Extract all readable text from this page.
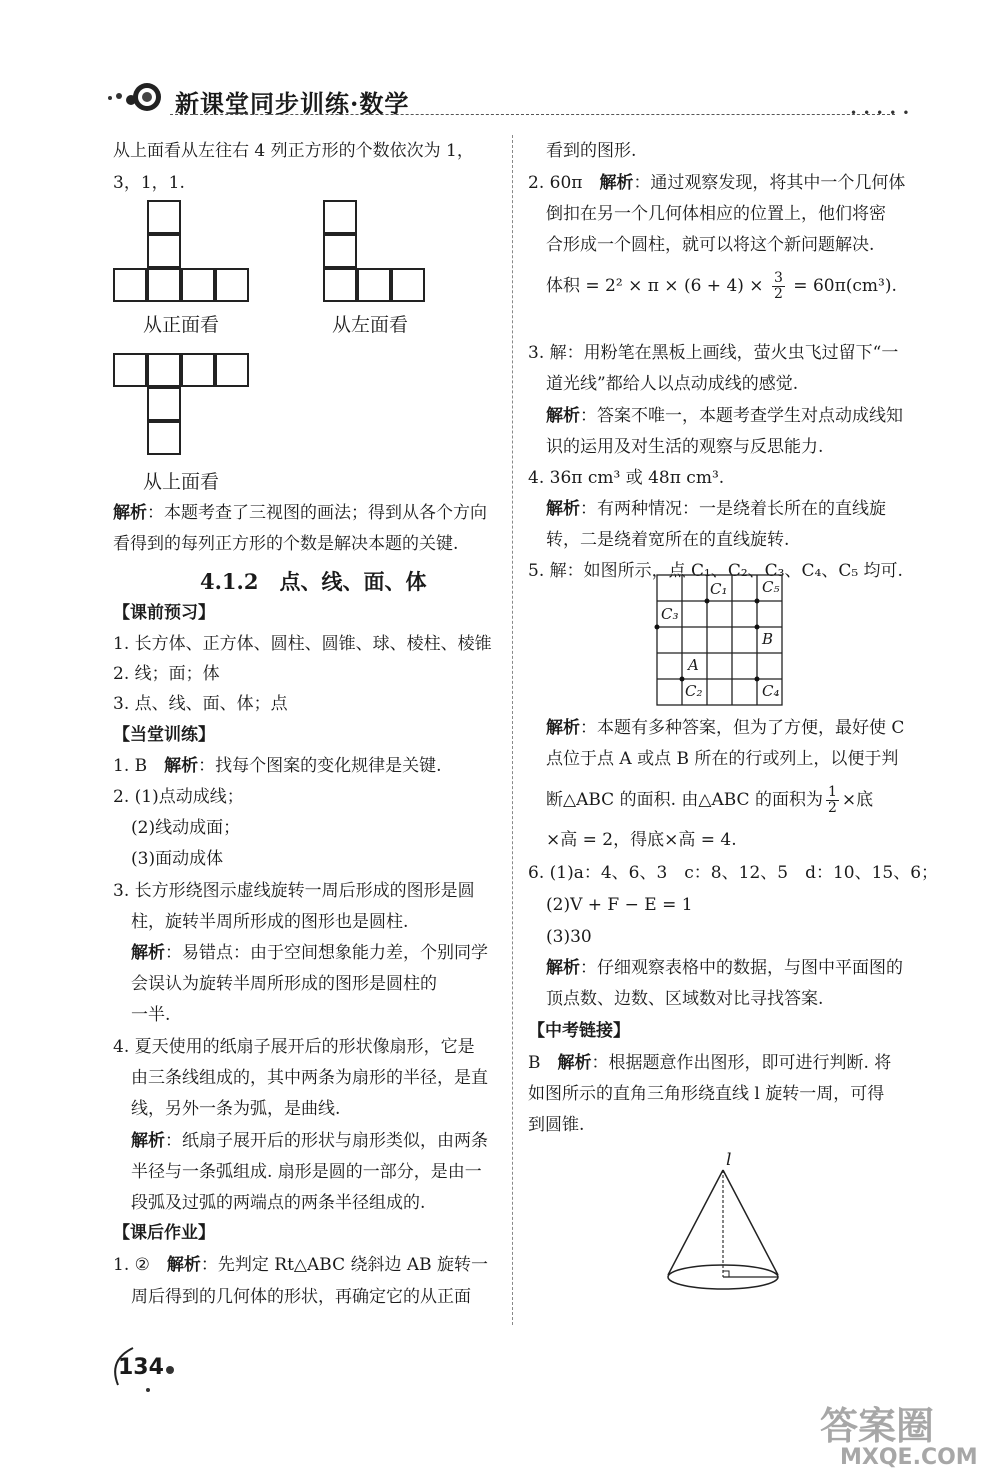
新课堂同步训练·数学	•••••
从上面看从左往右 4 列正方形的个数依次为 1，
3，1，1.
从正面看	从左面看
从上面看
解析：本题考查了三视图的画法；得到从各个方向
看得到的每列正方形的个数是解决本题的关键.
4.1.2　点、线、面、体
【课前预习】
1. 长方体、正方体、圆柱、圆锥、球、棱柱、棱锥
2. 线；面；体
3. 点、线、面、体；点
【当堂训练】
1. B　解析：找每个图案的变化规律是关键.
2. (1)点动成线；
(2)线动成面；
(3)面动成体
3. 长方形绕图示虚线旋转一周后形成的图形是圆
柱，旋转半周所形成的图形也是圆柱.
解析：易错点：由于空间想象能力差，个别同学
会误认为旋转半周所形成的图形是圆柱的
一半.
4. 夏天使用的纸扇子展开后的形状像扇形，它是
由三条线组成的，其中两条为扇形的半径，是直
线，另外一条为弧，是曲线.
解析：纸扇子展开后的形状与扇形类似，由两条
半径与一条弧组成. 扇形是圆的一部分，是由一
段弧及过弧的两端点的两条半径组成的.
【课后作业】
1. ②　解析：先判定 Rt△ABC 绕斜边 AB 旋转一
周后得到的几何体的形状，再确定它的从正面
看到的图形.
2. 60π　解析：通过观察发现，将其中一个几何体
倒扣在另一个几何体相应的位置上，他们将密
合形成一个圆柱，就可以将这个新问题解决.
体积 = $2^2 \times \pi \times (6 + 4) \times \frac{3}{2} = 60\pi(cm^3)$.
3. 解：用粉笔在黑板上画线，萤火虫飞过留下“一
道光线”都给人以点动成线的感觉.
解析：答案不唯一，本题考查学生对点动成线知
识的运用及对生活的观察与反思能力.
4. 36π cm³ 或 48π cm³.
解析：有两种情况：一是绕着长所在的直线旋
转，二是绕着宽所在的直线旋转.
5. 解：如图所示，点 C₁、C₂、C₃、C₄、C₅ 均可.
C₁ C₅
C₃
B
A
C₂	C₄
解析：本题有多种答案，但为了方便，最好使 C
点位于点 A 或点 B 所在的行或列上，以便于判
断△ABC 的面积. 由△ABC 的面积为 $\frac{1}{2}$ ×底
×高 = 2，得底×高 = 4.
6. (1)a：4、6、3　c：8、12、5　d：10、15、6；
(2)V + F − E = 1
(3)30
解析：仔细观察表格中的数据，与图中平面图的
顶点数、边数、区域数对比寻找答案.
【中考链接】
B　解析：根据题意作出图形，即可进行判断. 将
如图所示的直角三角形绕直线 l 旋转一周，可得
到圆锥.
l
134
答案圈
MXQE.COM
